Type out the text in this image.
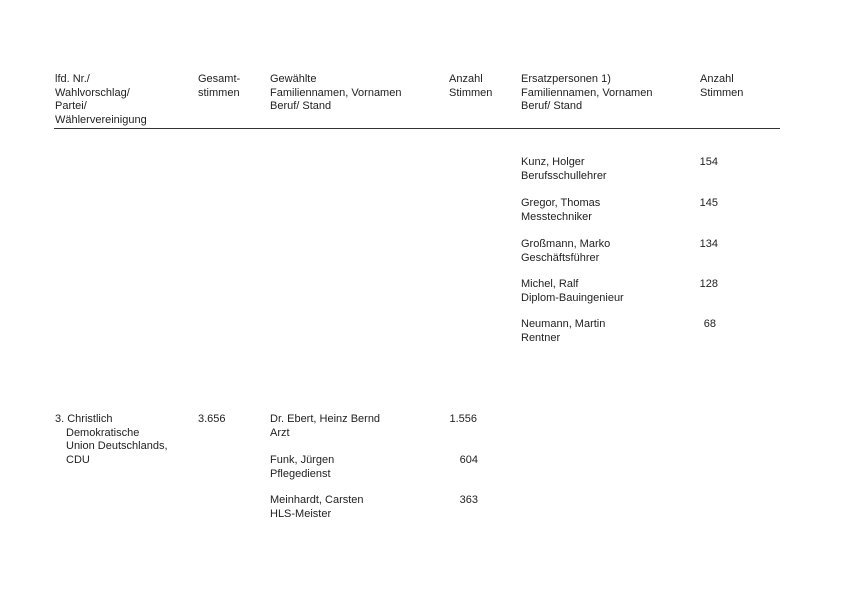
lfd. Nr./
Wahlvorschlag/
Partei/
Wählervereinigung
Gesamt-
stimmen
Gewählte
Familiennamen, Vornamen
Beruf/ Stand
Anzahl
Stimmen
Ersatzpersonen 1)
Familiennamen, Vornamen
Beruf/ Stand
Anzahl
Stimmen
Kunz, Holger
Berufsschullehrer
154
Gregor, Thomas
Messtechniker
145
Großmann, Marko
Geschäftsführer
134
Michel, Ralf
Diplom-Bauingenieur
128
Neumann, Martin
Rentner
68
3. Christlich
Demokratische
Union Deutschlands,
CDU
3.656	Dr. Ebert, Heinz Bernd
Arzt
1.556
Funk, Jürgen
Pflegedienst
604
Meinhardt, Carsten
HLS-Meister
363
